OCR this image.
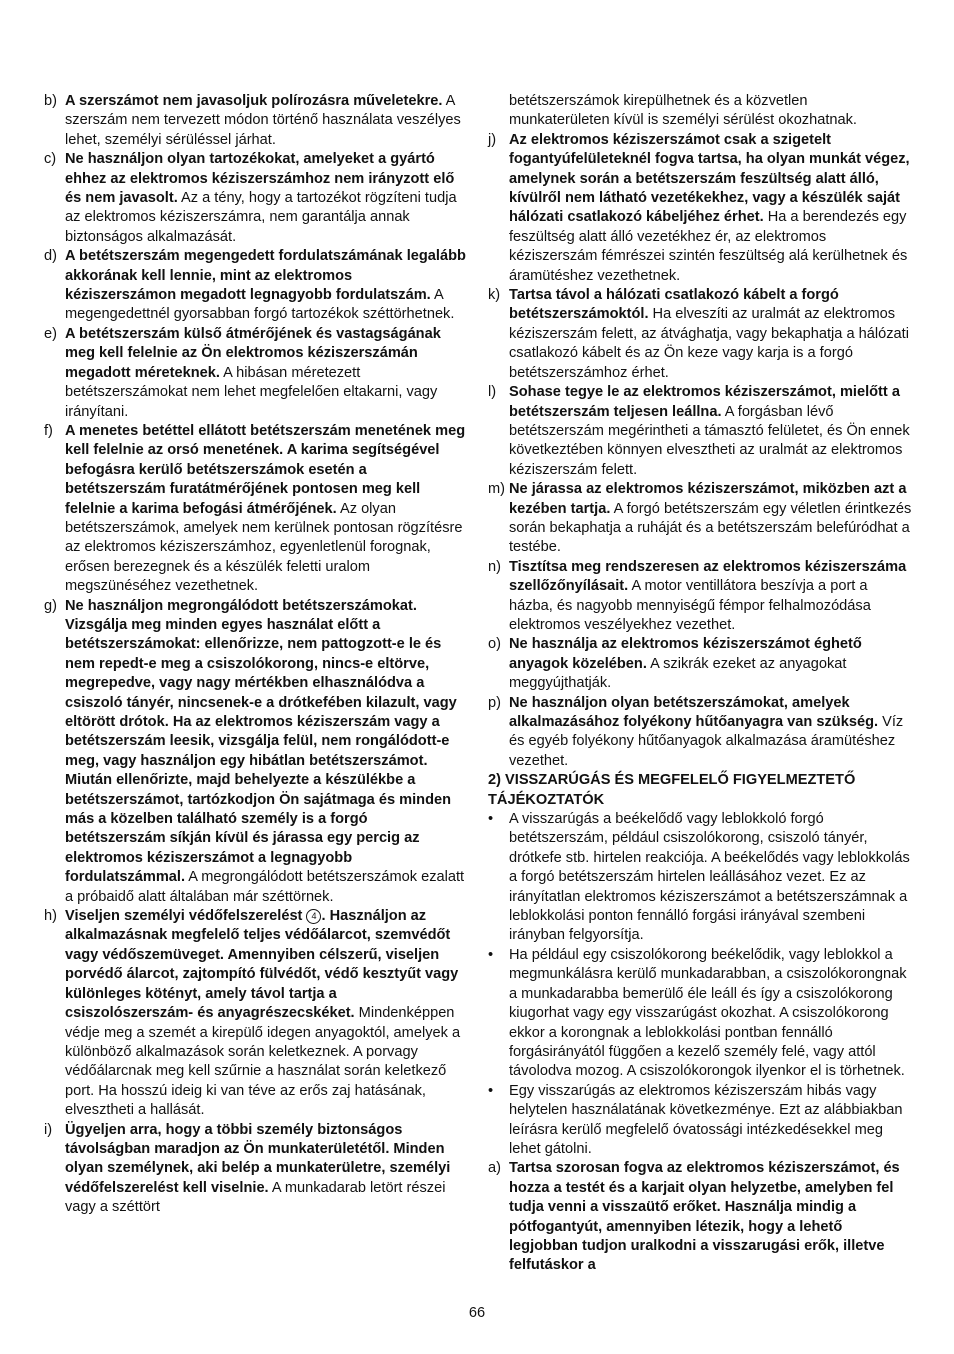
b) A szerszámot nem javasoljuk polírozásra műveletekre. A szerszám nem tervezett módon történő használata veszélyes lehet, személyi sérüléssel járhat.
c) Ne használjon olyan tartozékokat, amelyeket a gyártó ehhez az elektromos kéziszerszámhoz nem irányzott elő és nem javasolt. Az a tény, hogy a tartozékot rögzíteni tudja az elektromos kéziszerszámra, nem garantálja annak biztonságos alkalmazását.
d) A betétszerszám megengedett fordulatszámának legalább akkorának kell lennie, mint az elektromos kéziszerszámon megadott legnagyobb fordulatszám. A megengedettnél gyorsabban forgó tartozékok széttörhetnek.
e) A betétszerszám külső átmérőjének és vastagságának meg kell felelnie az Ön elektromos kéziszerszámán megadott méreteknek. A hibásan méretezett betétszerszámokat nem lehet megfelelően eltakarni, vagy irányítani.
f) A menetes betéttel ellátott betétszerszám menetének meg kell felelnie az orsó menetének. A karima segítségével befogásra kerülő betétszerszámok esetén a betétszerszám furatátmérőjének pontosen meg kell felelnie a karima befogási átmérőjének. Az olyan betétszerszámok, amelyek nem kerülnek pontosan rögzítésre az elektromos kéziszerszámhoz, egyenletlenül forognak, erősen berezegnek és a készülék feletti uralom megszünéséhez vezethetnek.
g) Ne használjon megrongálódott betétszerszámokat. Vizsgálja meg minden egyes használat előtt a betétszerszámokat: ellenőrizze, nem pattogzott-e le és nem repedt-e meg a csiszolókorong, nincs-e eltörve, megrepedve, vagy nagy mértékben elhasználódva a csiszoló tányér, nincsenek-e a drótkefében kilazult, vagy eltörött drótok. Ha az elektromos kéziszerszám vagy a betétszerszám leesik, vizsgálja felül, nem rongálódott-e meg, vagy használjon egy hibátlan betétszerszámot. Miután ellenőrizte, majd behelyezte a készülékbe a betétszerszámot, tartózkodjon Ön sajátmaga és minden más a közelben található személy is a forgó betétszerszám síkján kívül és járassa egy percig az elektromos kéziszerszámot a legnagyobb fordulatszámmal. A megrongálódott betétszerszámok ezalatt a próbaidő alatt általában már széttörnek.
h) Viseljen személyi védőfelszerelést 4 . Használjon az alkalmazásnak megfelelő teljes védőálarcot, szemvédőt vagy védőszemüveget. Amennyiben célszerű, viseljen porvédő álarcot, zajtompító fülvédőt, védő kesztyűt vagy különleges kötényt, amely távol tartja a csiszolószerszám- és anyagrészecskéket. Mindenképpen védje meg a szemét a kirepülő idegen anyagoktól, amelyek a különböző alkalmazások során keletkeznek. A porvagy védőálarcnak meg kell szűrnie a használat során keletkező port. Ha hosszú ideig ki van téve az erős zaj hatásának, elvesztheti a hallását.
i) Ügyeljen arra, hogy a többi személy biztonságos távolságban maradjon az Ön munkaterületétől. Minden olyan személynek, aki belép a munkaterületre, személyi védőfelszerelést kell viselnie. A munkadarab letört részei vagy a széttört
betétszerszámok kirepülhetnek és a közvetlen munkaterületen kívül is személyi sérülést okozhatnak.
j) Az elektromos kéziszerszámot csak a szigetelt fogantyúfelületeknél fogva tartsa, ha olyan munkát végez, amelynek során a betétszerszám feszültség alatt álló, kívülről nem látható vezetékekhez, vagy a készülék saját hálózati csatlakozó kábeljéhez érhet. Ha a berendezés egy feszültség alatt álló vezetékhez ér, az elektromos kéziszerszám fémrészei szintén feszültség alá kerülhetnek és áramütéshez vezethetnek.
k) Tartsa távol a hálózati csatlakozó kábelt a forgó betétszerszámoktól. Ha elveszíti az uralmát az elektromos kéziszerszám felett, az átvághatja, vagy bekaphatja a hálózati csatlakozó kábelt és az Ön keze vagy karja is a forgó betétszerszámhoz érhet.
l) Sohase tegye le az elektromos kéziszerszámot, mielőtt a betétszerszám teljesen leállna. A forgásban lévő betétszerszám megérintheti a támasztó felületet, és Ön ennek következtében könnyen elvesztheti az uralmát az elektromos kéziszerszám felett.
m) Ne járassa az elektromos kéziszerszámot, miközben azt a kezében tartja. A forgó betétszerszám egy véletlen érintkezés során bekaphatja a ruháját és a betétszerszám belefúródhat a testébe.
n) Tisztítsa meg rendszeresen az elektromos kéziszerszáma szellőzőnyílásait. A motor ventillátora beszívja a port a házba, és nagyobb mennyiségű fémpor felhalmozódása elektromos veszélyekhez vezethet.
o) Ne használja az elektromos kéziszerszámot éghető anyagok közelében. A szikrák ezeket az anyagokat meggyújthatják.
p) Ne használjon olyan betétszerszámokat, amelyek alkalmazásához folyékony hűtőanyagra van szükség. Víz és egyéb folyékony hűtőanyagok alkalmazása áramütéshez vezethet.
2) VISSZARÚGÁS ÉS MEGFELELŐ FIGYELMEZTETŐ TÁJÉKOZTATÓK
•	A visszarúgás a beékelődő vagy leblokkoló forgó betétszerszám, például csiszolókorong, csiszoló tányér, drótkefe stb. hirtelen reakciója. A beékelődés vagy leblokkolás a forgó betétszerszám hirtelen leállásához vezet. Ez az irányítatlan elektromos kéziszerszámot a betétszerszámnak a leblokkolási ponton fennálló forgási irányával szembeni irányban felgyorsítja.
•	Ha például egy csiszolókorong beékelődik, vagy leblokkol a megmunkálásra kerülő munkadarabban, a csiszolókorongnak a munkadarabba bemerülő éle leáll és így a csiszolókorong kiugorhat vagy egy visszarúgást okozhat. A csiszolókorong ekkor a korongnak a leblokkolási pontban fennálló forgásirányától függően a kezelő személy felé, vagy attól távolodva mozog. A csiszolókorongok ilyenkor el is törhetnek.
•	Egy visszarúgás az elektromos kéziszerszám hibás vagy helytelen használatának következménye. Ezt az alábbiakban leírásra kerülő megfelelő óvatossági intézkedésekkel meg lehet gátolni.
a) Tartsa szorosan fogva az elektromos kéziszerszámot, és hozza a testét és a karjait olyan helyzetbe, amelyben fel tudja venni a visszaütő erőket. Használja mindig a pótfogantyút, amennyiben létezik, hogy a lehető legjobban tudjon uralkodni a visszarugási erők, illetve felfutáskor a
66
